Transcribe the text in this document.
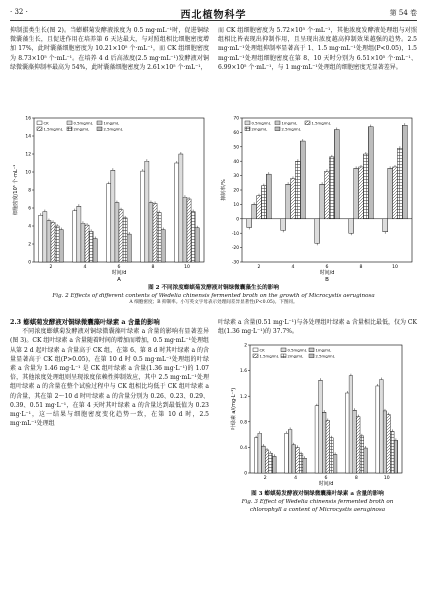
· 32 ·	西北植物科学	第 54 卷

抑制蛋类生长(图 2)。当蟛蜞菊发酵液浓度为 0.5 mg·mL⁻¹时，促进铜绿微囊藻生长，且促进作用在培养第 6 天达最大，与对照组相比细胞密度增加 17%，此时囊藻细胞密度为 10.21×10⁵ 个·mL⁻¹，而 CK 组细胞密度为 8.73×10⁵ 个·mL⁻¹。在培养 4 d 后高浓度(2.5 mg·mL⁻¹)发酵液对铜绿微囊藻抑制率最高为 54%，此时囊藻细胞密度为 2.61×10⁵ 个·mL⁻¹，

而 CK 组细胞密度为 5.72×10⁵ 个·mL⁻¹，其他浓度发酵液处理组与对照组相比皆表现出抑制作用，且呈现出浓度越高抑制效果越强的趋势。2.5 mg·mL⁻¹处理组抑制率显著高于 1、1.5 mg·mL⁻¹处理组(P<0.05)，1.5 mg·mL⁻¹处理组细胞密度在第 8、10 天时分别为 6.51×10⁵ 个·mL⁻¹、6.99×10⁵ 个·mL⁻¹，与 1 mg·mL⁻¹处理组的细胞密度无显著差异。

0
2
4
6
8
10
12
14
16
细胞密度/10⁵ 个·mL⁻¹
2	4	6	8	10
时间/d
CK	0.5mg/mL	1mg/mL
1.5mg/mL	2mg/mL	2.5mg/mL
A
-30
-20
-10
0
10
20
30
40
50
60
70
抑制率/%
2	4	6	8	10
时间/d
0.5mg/mL	1mg/mL	1.5mg/mL
2mg/mL	2.5mg/mL
B
图 2 不同浓度蟛蜞菊发酵液对铜绿微囊藻生长的影响
Fig. 2 Effects of different contents of Wedelia chinensis fermented broth on the growth of Microcystis aeruginosa
A 细胞密度；B 抑制率。小写英文字母表示处理间差异显著性(P<0.05)。下图同。

2.3 蟛蜞菊发酵液对铜绿微囊藻叶绿素 a 含量的影响

不同浓度蟛蜞菊发酵液对铜绿微囊藻叶绿素 a 含量的影响有显著差异(图 3)。CK 组叶绿素 a 含量随着时间的增加而增加，0.5 mg·mL⁻¹处理组从第 2 d 起叶绿素 a 含量高于 CK 组，在第 6、第 8 d 时其叶绿素 a 的含量显著高于 CK 组(P>0.05)，在第 10 d 时 0.5 mg·mL⁻¹处理组的叶绿素 a 含量为 1.46 mg·L⁻¹ 是 CK 组叶绿素 a 含量(1.36 mg·L⁻¹)的 1.07 倍，其他浓度处理组则呈现浓度依赖性抑制效应，其中 2.5 mg·mL⁻¹处理组叶绿素 a 的含量在整个试验过程中与 CK 组相比均低于 CK 组叶绿素 a 的含量，其在第 2～10 d 时叶绿素 a 的含量分别为 0.26、0.23、0.29、0.39、0.51 mg·L⁻¹，在第 4 天时其叶绿素 a 的含量达到最低值为 0.23 mg·L⁻¹，这一结果与细胞密度变化趋势一致，在第 10 d 时，2.5 mg·mL⁻¹处理组

叶绿素 a 含量(0.51 mg·L⁻¹)与各处理组叶绿素 a 含量相比最低，仅为 CK 组(1.36 mg·L⁻¹)的 37.7%。

0
0.4
0.8
1.2
1.6
2
叶绿素 a/(mg·L⁻¹)
2	4	6	8	10
时间/d
CK	0.5mg/mL 1mg/mL
1.5mg/mL 2mg/mL	2.5mg/mL
图 3 蟛蜞菊发酵液对铜绿微囊藻叶绿素 a 含量的影响
Fig. 3 Effect of Wedelia chinensis fermented broth on
chlorophyll a content of Microcystis aeruginosa
